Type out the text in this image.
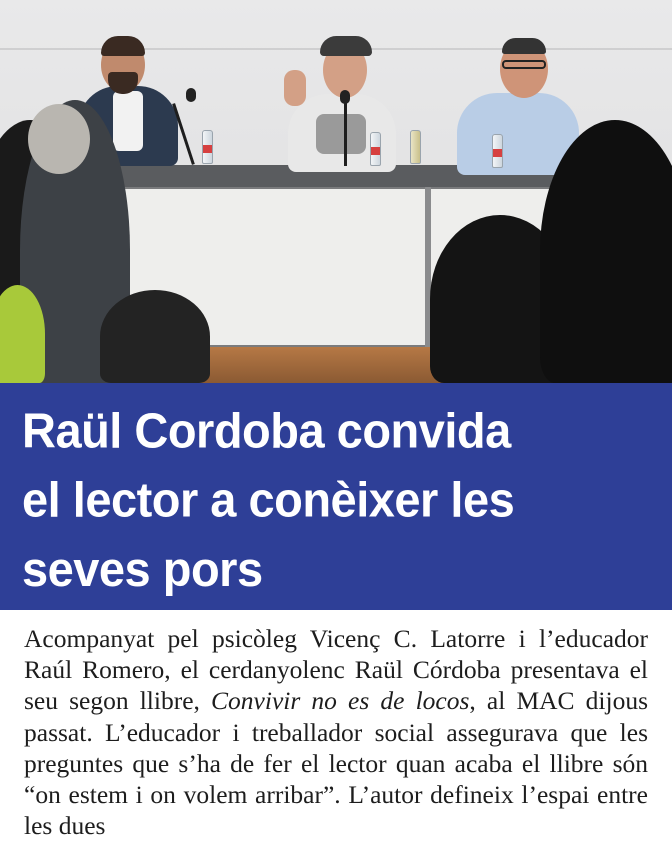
Raül Cordoba convida
el lector a conèixer les
seves pors
Acompanyat pel psicòleg Vicenç C. Latorre i l’educador Raúl Romero, el cerdanyolenc Raül Córdoba presentava el seu segon llibre, Convivir no es de locos, al MAC dijous passat. L’educador i treballador social assegurava que les preguntes que s’ha de fer el lector quan acaba el llibre són “on estem i on volem arribar”. L’autor defineix l’espai entre les dues
